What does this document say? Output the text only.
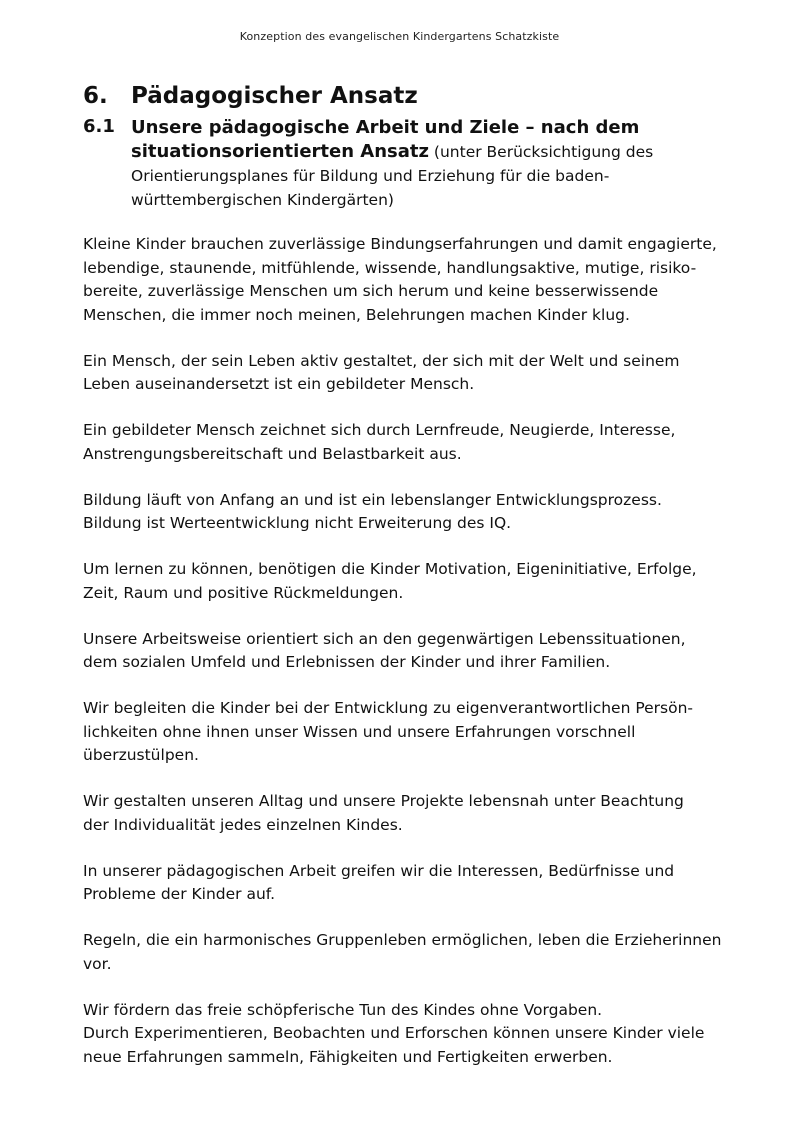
Konzeption des evangelischen Kindergartens Schatzkiste
6. Pädagogischer Ansatz
6.1 Unsere pädagogische Arbeit und Ziele – nach dem
situationsorientierten Ansatz (unter Berücksichtigung des
Orientierungsplanes für Bildung und Erziehung für die baden-
württembergischen Kindergärten)
Kleine Kinder brauchen zuverlässige Bindungserfahrungen und damit engagierte,
lebendige, staunende, mitfühlende, wissende, handlungsaktive, mutige, risiko-
bereite, zuverlässige Menschen um sich herum und keine besserwissende
Menschen, die immer noch meinen, Belehrungen machen Kinder klug.
Ein Mensch, der sein Leben aktiv gestaltet, der sich mit der Welt und seinem
Leben auseinandersetzt ist ein gebildeter Mensch.
Ein gebildeter Mensch zeichnet sich durch Lernfreude, Neugierde, Interesse,
Anstrengungsbereitschaft und Belastbarkeit aus.
Bildung läuft von Anfang an und ist ein lebenslanger Entwicklungsprozess.
Bildung ist Werteentwicklung nicht Erweiterung des IQ.
Um lernen zu können, benötigen die Kinder Motivation, Eigeninitiative, Erfolge,
Zeit, Raum und positive Rückmeldungen.
Unsere Arbeitsweise orientiert sich an den gegenwärtigen Lebenssituationen,
dem sozialen Umfeld und Erlebnissen der Kinder und ihrer Familien.
Wir begleiten die Kinder bei der Entwicklung zu eigenverantwortlichen Persön-
lichkeiten ohne ihnen unser Wissen und unsere Erfahrungen vorschnell
überzustülpen.
Wir gestalten unseren Alltag und unsere Projekte lebensnah unter Beachtung
der Individualität jedes einzelnen Kindes.
In unserer pädagogischen Arbeit greifen wir die Interessen, Bedürfnisse und
Probleme der Kinder auf.
Regeln, die ein harmonisches Gruppenleben ermöglichen, leben die Erzieherinnen
vor.
Wir fördern das freie schöpferische Tun des Kindes ohne Vorgaben.
Durch Experimentieren, Beobachten und Erforschen können unsere Kinder viele
neue Erfahrungen sammeln, Fähigkeiten und Fertigkeiten erwerben.
